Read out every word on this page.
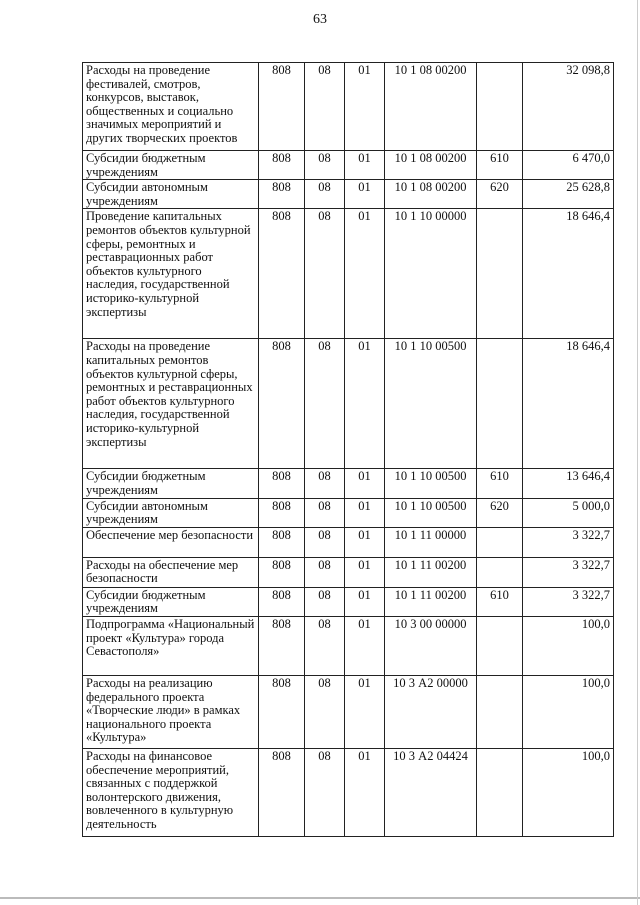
63
Расходы на проведение фестивалей, смотров, конкурсов, выставок, общественных и социально значимых мероприятий и других творческих проектов	808	08	01	10 1 08 00200		32 098,8
Субсидии бюджетным учреждениям	808	08	01	10 1 08 00200	610	6 470,0
Субсидии автономным учреждениям	808	08	01	10 1 08 00200	620	25 628,8
Проведение капитальных ремонтов объектов культурной сферы, ремонтных и реставрационных работ объектов культурного наследия, государственной историко-культурной экспертизы	808	08	01	10 1 10 00000		18 646,4
Расходы на проведение капитальных ремонтов объектов культурной сферы, ремонтных и реставрационных работ объектов культурного наследия, государственной историко-культурной экспертизы	808	08	01	10 1 10 00500		18 646,4
Субсидии бюджетным учреждениям	808	08	01	10 1 10 00500	610	13 646,4
Субсидии автономным учреждениям	808	08	01	10 1 10 00500	620	5 000,0
Обеспечение мер безопасности	808	08	01	10 1 11 00000		3 322,7
Расходы на обеспечение мер безопасности	808	08	01	10 1 11 00200		3 322,7
Субсидии бюджетным учреждениям	808	08	01	10 1 11 00200	610	3 322,7
Подпрограмма «Национальный проект «Культура» города Севастополя»	808	08	01	10 3 00 00000		100,0
Расходы на реализацию федерального проекта «Творческие люди» в рамках национального проекта «Культура»	808	08	01	10 3 А2 00000		100,0
Расходы на финансовое обеспечение мероприятий, связанных с поддержкой волонтерского движения, вовлеченного в культурную деятельность	808	08	01	10 3 А2 04424		100,0
